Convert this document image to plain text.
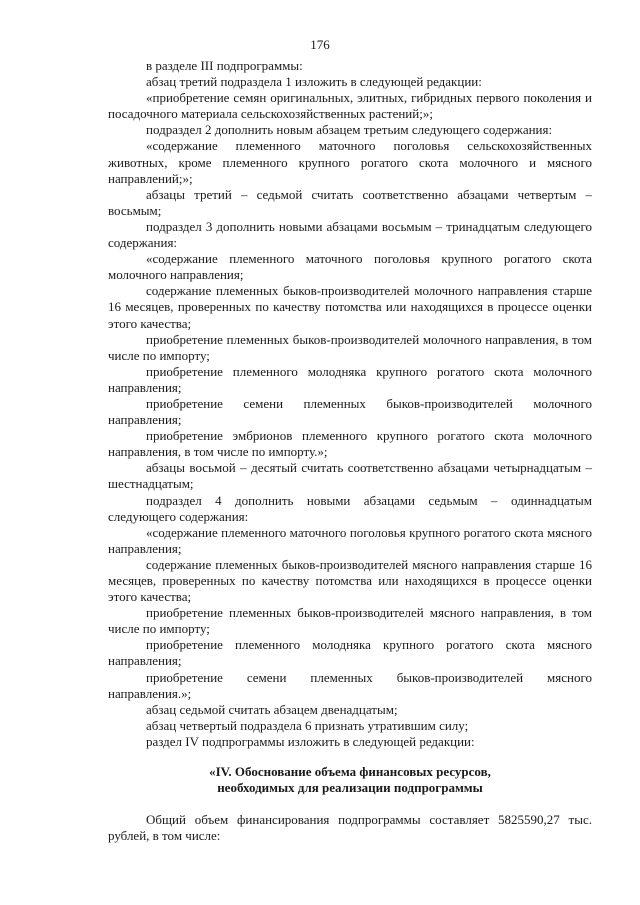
176

в разделе III подпрограммы:

абзац третий подраздела 1 изложить в следующей редакции:

«приобретение семян оригинальных, элитных, гибридных первого поколения и посадочного материала сельскохозяйственных растений;»;

подраздел 2 дополнить новым абзацем третьим следующего содержания:

«содержание племенного маточного поголовья сельскохозяйственных животных, кроме племенного крупного рогатого скота молочного и мясного направлений;»;

абзацы третий – седьмой считать соответственно абзацами четвертым – восьмым;

подраздел 3 дополнить новыми абзацами восьмым – тринадцатым следующего содержания:

«содержание племенного маточного поголовья крупного рогатого скота молочного направления;

содержание племенных быков-производителей молочного направления старше 16 месяцев, проверенных по качеству потомства или находящихся в процессе оценки этого качества;

приобретение племенных быков-производителей молочного направления, в том числе по импорту;

приобретение племенного молодняка крупного рогатого скота молочного направления;

приобретение семени племенных быков-производителей молочного направления;

приобретение эмбрионов племенного крупного рогатого скота молочного направления, в том числе по импорту.»;

абзацы восьмой – десятый считать соответственно абзацами четырнадцатым – шестнадцатым;

подраздел 4 дополнить новыми абзацами седьмым – одиннадцатым следующего содержания:

«содержание племенного маточного поголовья крупного рогатого скота мясного направления;

содержание племенных быков-производителей мясного направления старше 16 месяцев, проверенных по качеству потомства или находящихся в процессе оценки этого качества;

приобретение племенных быков-производителей мясного направления, в том числе по импорту;

приобретение племенного молодняка крупного рогатого скота мясного направления;

приобретение семени племенных быков-производителей мясного направления.»;

абзац седьмой считать абзацем двенадцатым;

абзац четвертый подраздела 6 признать утратившим силу;

раздел IV подпрограммы изложить в следующей редакции:

«IV. Обоснование объема финансовых ресурсов,
необходимых для реализации подпрограммы

Общий объем финансирования подпрограммы составляет 5825590,27 тыс. рублей, в том числе:
